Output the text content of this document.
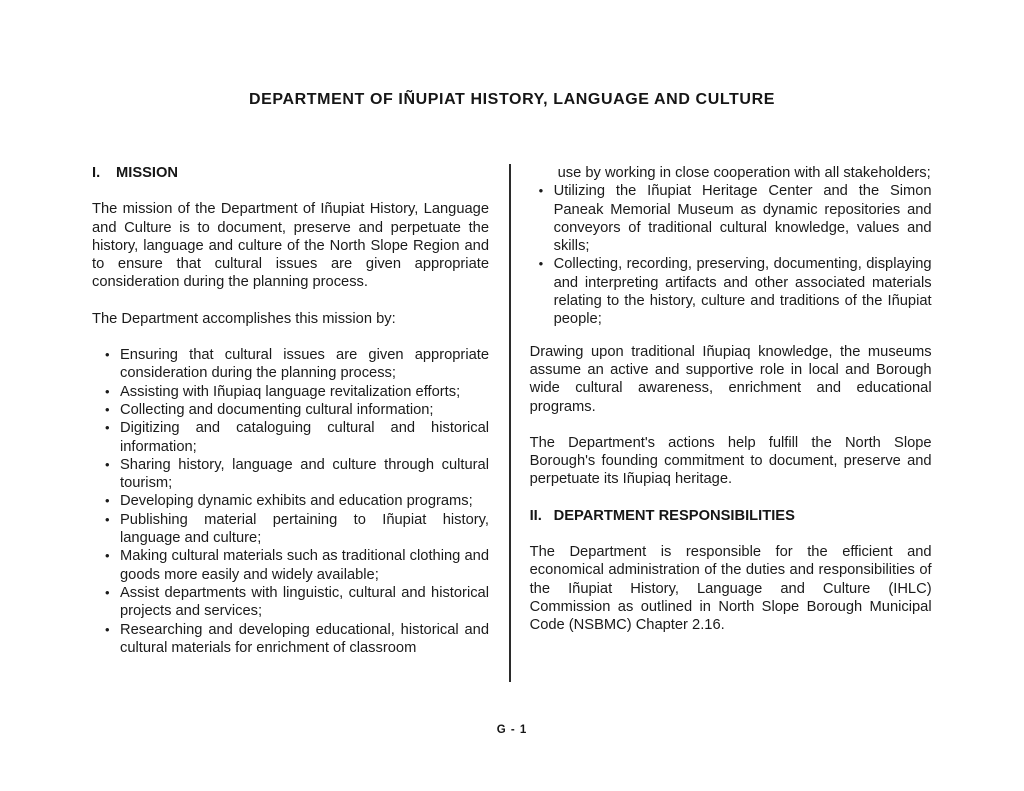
DEPARTMENT OF IÑUPIAT HISTORY, LANGUAGE AND CULTURE
I.	MISSION

The mission of the Department of Iñupiat History, Language and Culture is to document, preserve and perpetuate the history, language and culture of the North Slope Region and to ensure that cultural issues are given appropriate consideration during the planning process.

The Department accomplishes this mission by:

• Ensuring that cultural issues are given appropriate consideration during the planning process;
• Assisting with Iñupiaq language revitalization efforts;
• Collecting and documenting cultural information;
• Digitizing and cataloguing cultural and historical information;
• Sharing history, language and culture through cultural tourism;
• Developing dynamic exhibits and education programs;
• Publishing material pertaining to Iñupiat history, language and culture;
• Making cultural materials such as traditional clothing and goods more easily and widely available;
• Assist departments with linguistic, cultural and historical projects and services;
• Researching and developing educational, historical and cultural materials for enrichment of classroom

use by working in close cooperation with all stakeholders;

• Utilizing the Iñupiat Heritage Center and the Simon Paneak Memorial Museum as dynamic repositories and conveyors of traditional cultural knowledge, values and skills;
• Collecting, recording, preserving, documenting, displaying and interpreting artifacts and other associated materials relating to the history, culture and traditions of the Iñupiat people;

Drawing upon traditional Iñupiaq knowledge, the museums assume an active and supportive role in local and Borough wide cultural awareness, enrichment and educational programs.

The Department's actions help fulfill the North Slope Borough's founding commitment to document, preserve and perpetuate its Iñupiaq heritage.

II. DEPARTMENT RESPONSIBILITIES

The Department is responsible for the efficient and economical administration of the duties and responsibilities of the Iñupiat History, Language and Culture (IHLC) Commission as outlined in North Slope Borough Municipal Code (NSBMC) Chapter 2.16.

G - 1
